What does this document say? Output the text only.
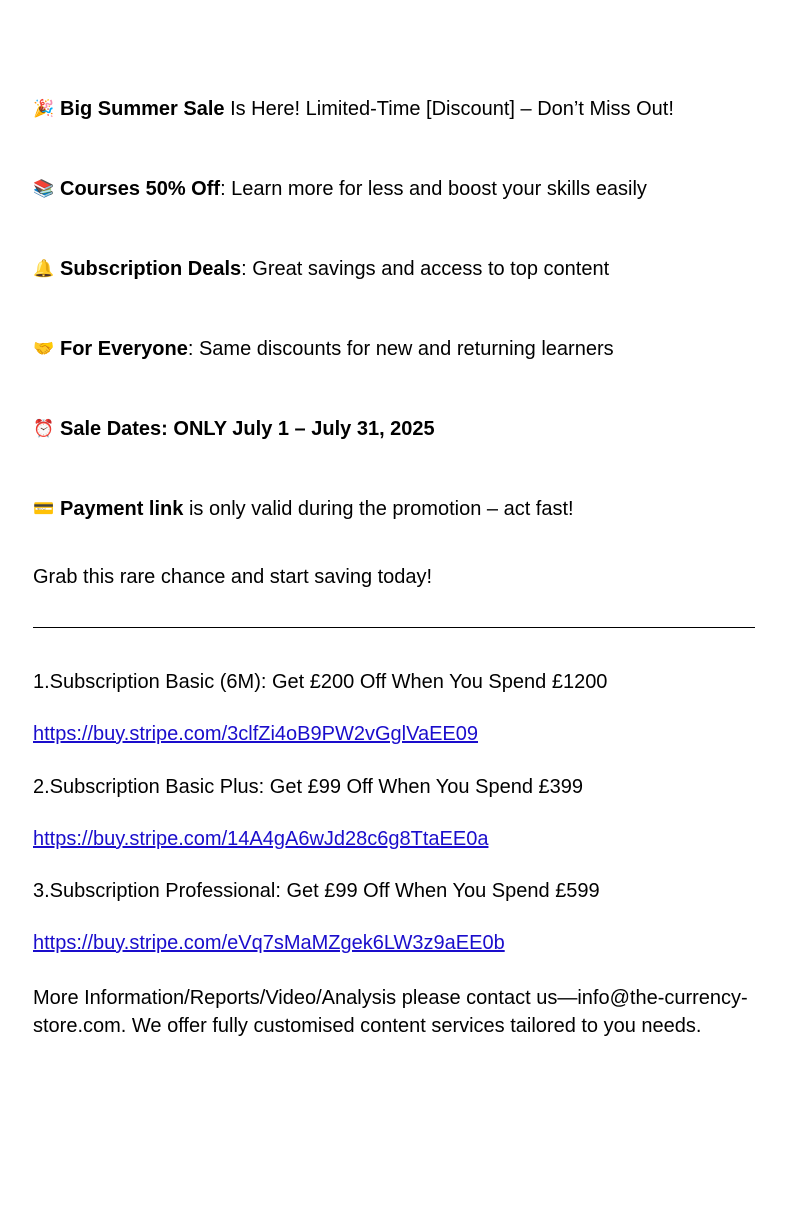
🎉 Big Summer Sale Is Here! Limited-Time [Discount] – Don’t Miss Out!
📚 Courses 50% Off: Learn more for less and boost your skills easily
🔔 Subscription Deals: Great savings and access to top content
🤝 For Everyone: Same discounts for new and returning learners
⏰ Sale Dates: ONLY July 1 – July 31, 2025
💳 Payment link is only valid during the promotion – act fast!
Grab this rare chance and start saving today!
1.Subscription Basic (6M): Get £200 Off When You Spend £1200
https://buy.stripe.com/3clfZi4oB9PW2vGglVaEE09
2.Subscription Basic Plus: Get £99 Off When You Spend £399
https://buy.stripe.com/14A4gA6wJd28c6g8TtaEE0a
3.Subscription Professional: Get £99 Off When You Spend £599
https://buy.stripe.com/eVq7sMaMZgek6LW3z9aEE0b
More Information/Reports/Video/Analysis please contact us—info@the-currency-store.com. We offer fully customised content services tailored to you needs.
